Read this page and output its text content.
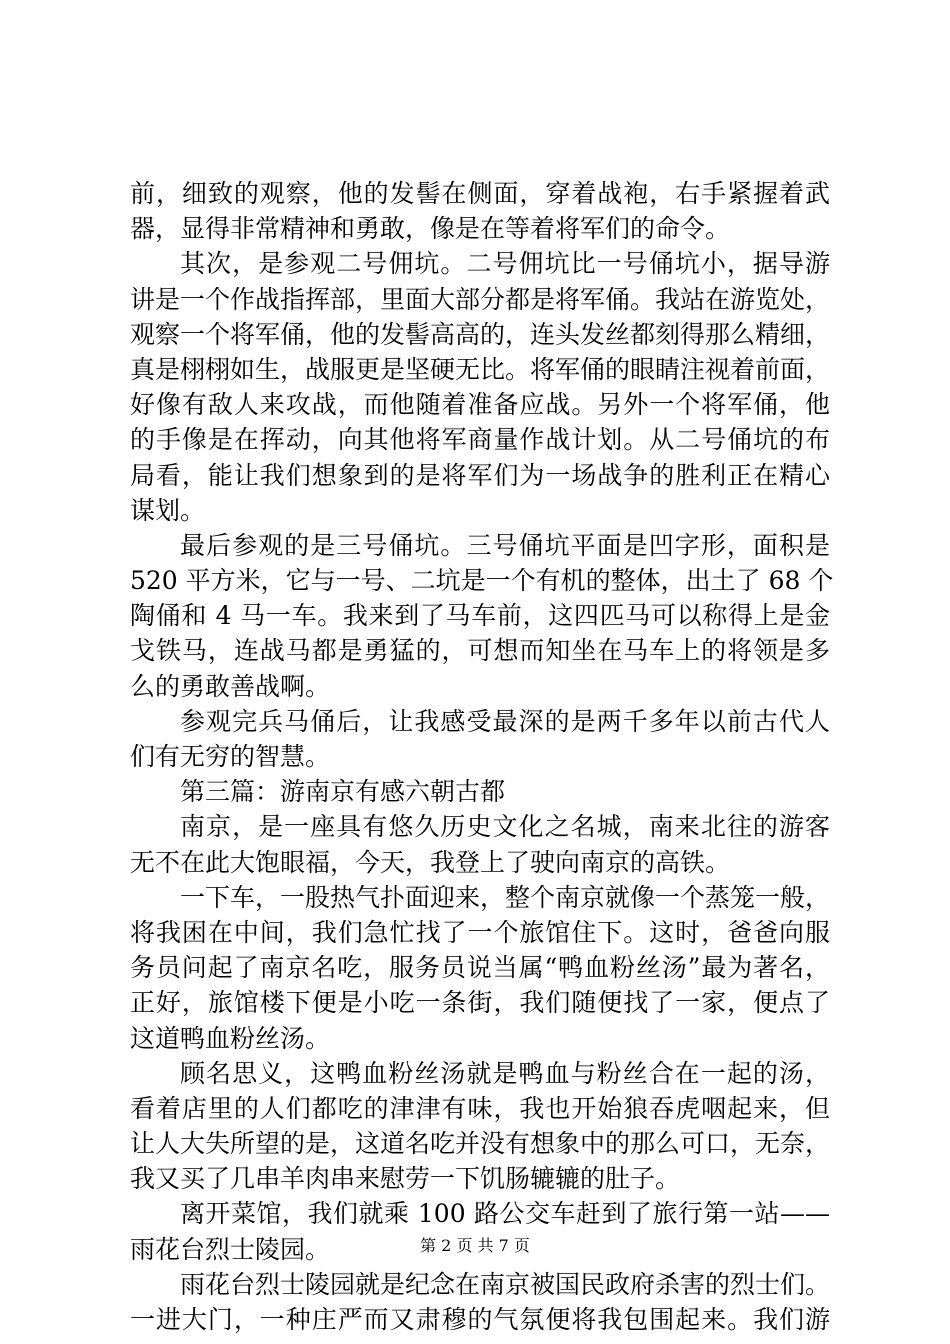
前，细致的观察，他的发髻在侧面，穿着战袍，右手紧握着武
器，显得非常精神和勇敢，像是在等着将军们的命令。
其次，是参观二号佣坑。二号佣坑比一号俑坑小，据导游
讲是一个作战指挥部，里面大部分都是将军俑。我站在游览处，
观察一个将军俑，他的发髻高高的，连头发丝都刻得那么精细，
真是栩栩如生，战服更是坚硬无比。将军俑的眼睛注视着前面，
好像有敌人来攻战，而他随着准备应战。另外一个将军俑，他
的手像是在挥动，向其他将军商量作战计划。从二号俑坑的布
局看，能让我们想象到的是将军们为一场战争的胜利正在精心
谋划。
最后参观的是三号俑坑。三号俑坑平面是凹字形，面积是
520 平方米，它与一号、二坑是一个有机的整体，出土了 68 个
陶俑和 4 马一车。我来到了马车前，这四匹马可以称得上是金
戈铁马，连战马都是勇猛的，可想而知坐在马车上的将领是多
么的勇敢善战啊。
参观完兵马俑后，让我感受最深的是两千多年以前古代人
们有无穷的智慧。
第三篇：游南京有感六朝古都
南京，是一座具有悠久历史文化之名城，南来北往的游客
无不在此大饱眼福，今天，我登上了驶向南京的高铁。
一下车，一股热气扑面迎来，整个南京就像一个蒸笼一般，
将我困在中间，我们急忙找了一个旅馆住下。这时，爸爸向服
务员问起了南京名吃，服务员说当属“鸭血粉丝汤”最为著名，
正好，旅馆楼下便是小吃一条街，我们随便找了一家，便点了
这道鸭血粉丝汤。
顾名思义，这鸭血粉丝汤就是鸭血与粉丝合在一起的汤，
看着店里的人们都吃的津津有味，我也开始狼吞虎咽起来，但
让人大失所望的是，这道名吃并没有想象中的那么可口，无奈，
我又买了几串羊肉串来慰劳一下饥肠辘辘的肚子。
离开菜馆，我们就乘 100 路公交车赶到了旅行第一站——
雨花台烈士陵园。
雨花台烈士陵园就是纪念在南京被国民政府杀害的烈士们。
一进大门，一种庄严而又肃穆的气氛便将我包围起来。我们游
第 2 页 共 7 页
